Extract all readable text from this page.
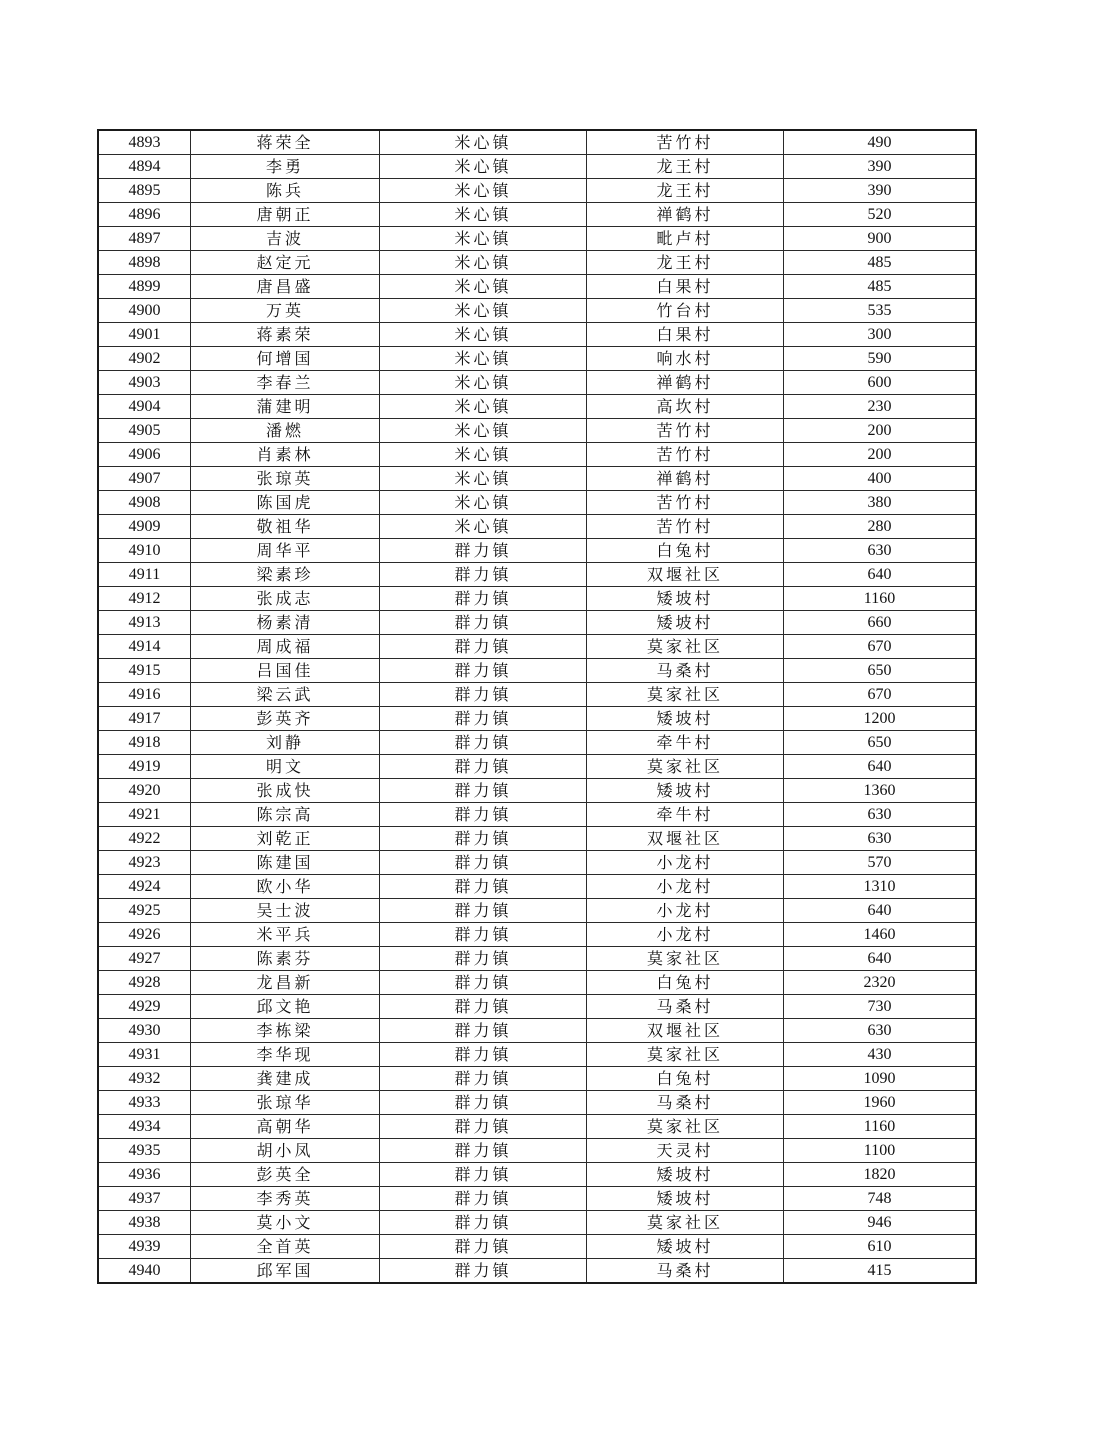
4893	蒋荣全	米心镇	苦竹村	490
4894	李勇	米心镇	龙王村	390
4895	陈兵	米心镇	龙王村	390
4896	唐朝正	米心镇	禅鹤村	520
4897	吉波	米心镇	毗卢村	900
4898	赵定元	米心镇	龙王村	485
4899	唐昌盛	米心镇	白果村	485
4900	万英	米心镇	竹台村	535
4901	蒋素荣	米心镇	白果村	300
4902	何增国	米心镇	响水村	590
4903	李春兰	米心镇	禅鹤村	600
4904	蒲建明	米心镇	高坎村	230
4905	潘燃	米心镇	苦竹村	200
4906	肖素林	米心镇	苦竹村	200
4907	张琼英	米心镇	禅鹤村	400
4908	陈国虎	米心镇	苦竹村	380
4909	敬祖华	米心镇	苦竹村	280
4910	周华平	群力镇	白兔村	630
4911	梁素珍	群力镇	双堰社区	640
4912	张成志	群力镇	矮坡村	1160
4913	杨素清	群力镇	矮坡村	660
4914	周成福	群力镇	莫家社区	670
4915	吕国佳	群力镇	马桑村	650
4916	梁云武	群力镇	莫家社区	670
4917	彭英齐	群力镇	矮坡村	1200
4918	刘静	群力镇	牵牛村	650
4919	明文	群力镇	莫家社区	640
4920	张成快	群力镇	矮坡村	1360
4921	陈宗高	群力镇	牵牛村	630
4922	刘乾正	群力镇	双堰社区	630
4923	陈建国	群力镇	小龙村	570
4924	欧小华	群力镇	小龙村	1310
4925	吴士波	群力镇	小龙村	640
4926	米平兵	群力镇	小龙村	1460
4927	陈素芬	群力镇	莫家社区	640
4928	龙昌新	群力镇	白兔村	2320
4929	邱文艳	群力镇	马桑村	730
4930	李栋梁	群力镇	双堰社区	630
4931	李华现	群力镇	莫家社区	430
4932	龚建成	群力镇	白兔村	1090
4933	张琼华	群力镇	马桑村	1960
4934	高朝华	群力镇	莫家社区	1160
4935	胡小凤	群力镇	天灵村	1100
4936	彭英全	群力镇	矮坡村	1820
4937	李秀英	群力镇	矮坡村	748
4938	莫小文	群力镇	莫家社区	946
4939	全首英	群力镇	矮坡村	610
4940	邱军国	群力镇	马桑村	415
